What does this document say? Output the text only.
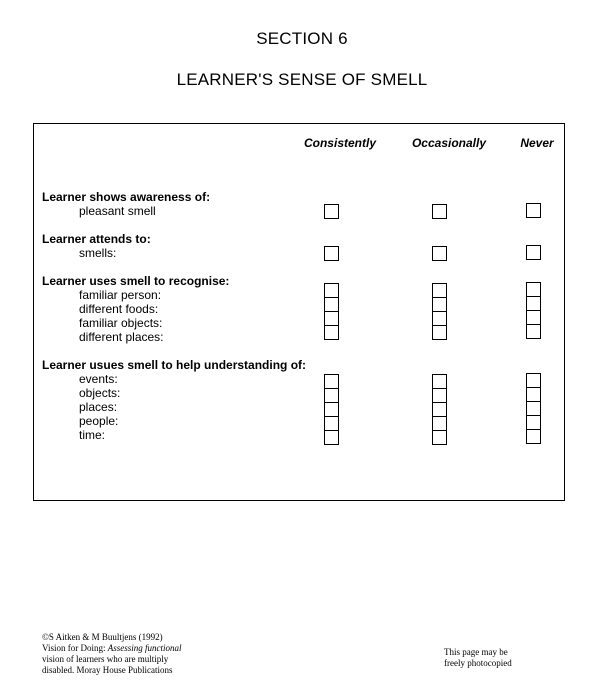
SECTION 6
LEARNER'S SENSE OF SMELL
Consistently	Occasionally	Never
Learner shows awareness of:
pleasant smell
Learner attends to:
smells:
Learner uses smell to recognise:
familiar person:
different foods:
familiar objects:
different places:
Learner usues smell to help understanding of:
events:
objects:
places:
people:
time:
©S Aitken & M Buultjens (1992)
Vision for Doing: Assessing functional
vision of learners who are multiply
disabled. Moray House Publications
This page may be
freely photocopied
